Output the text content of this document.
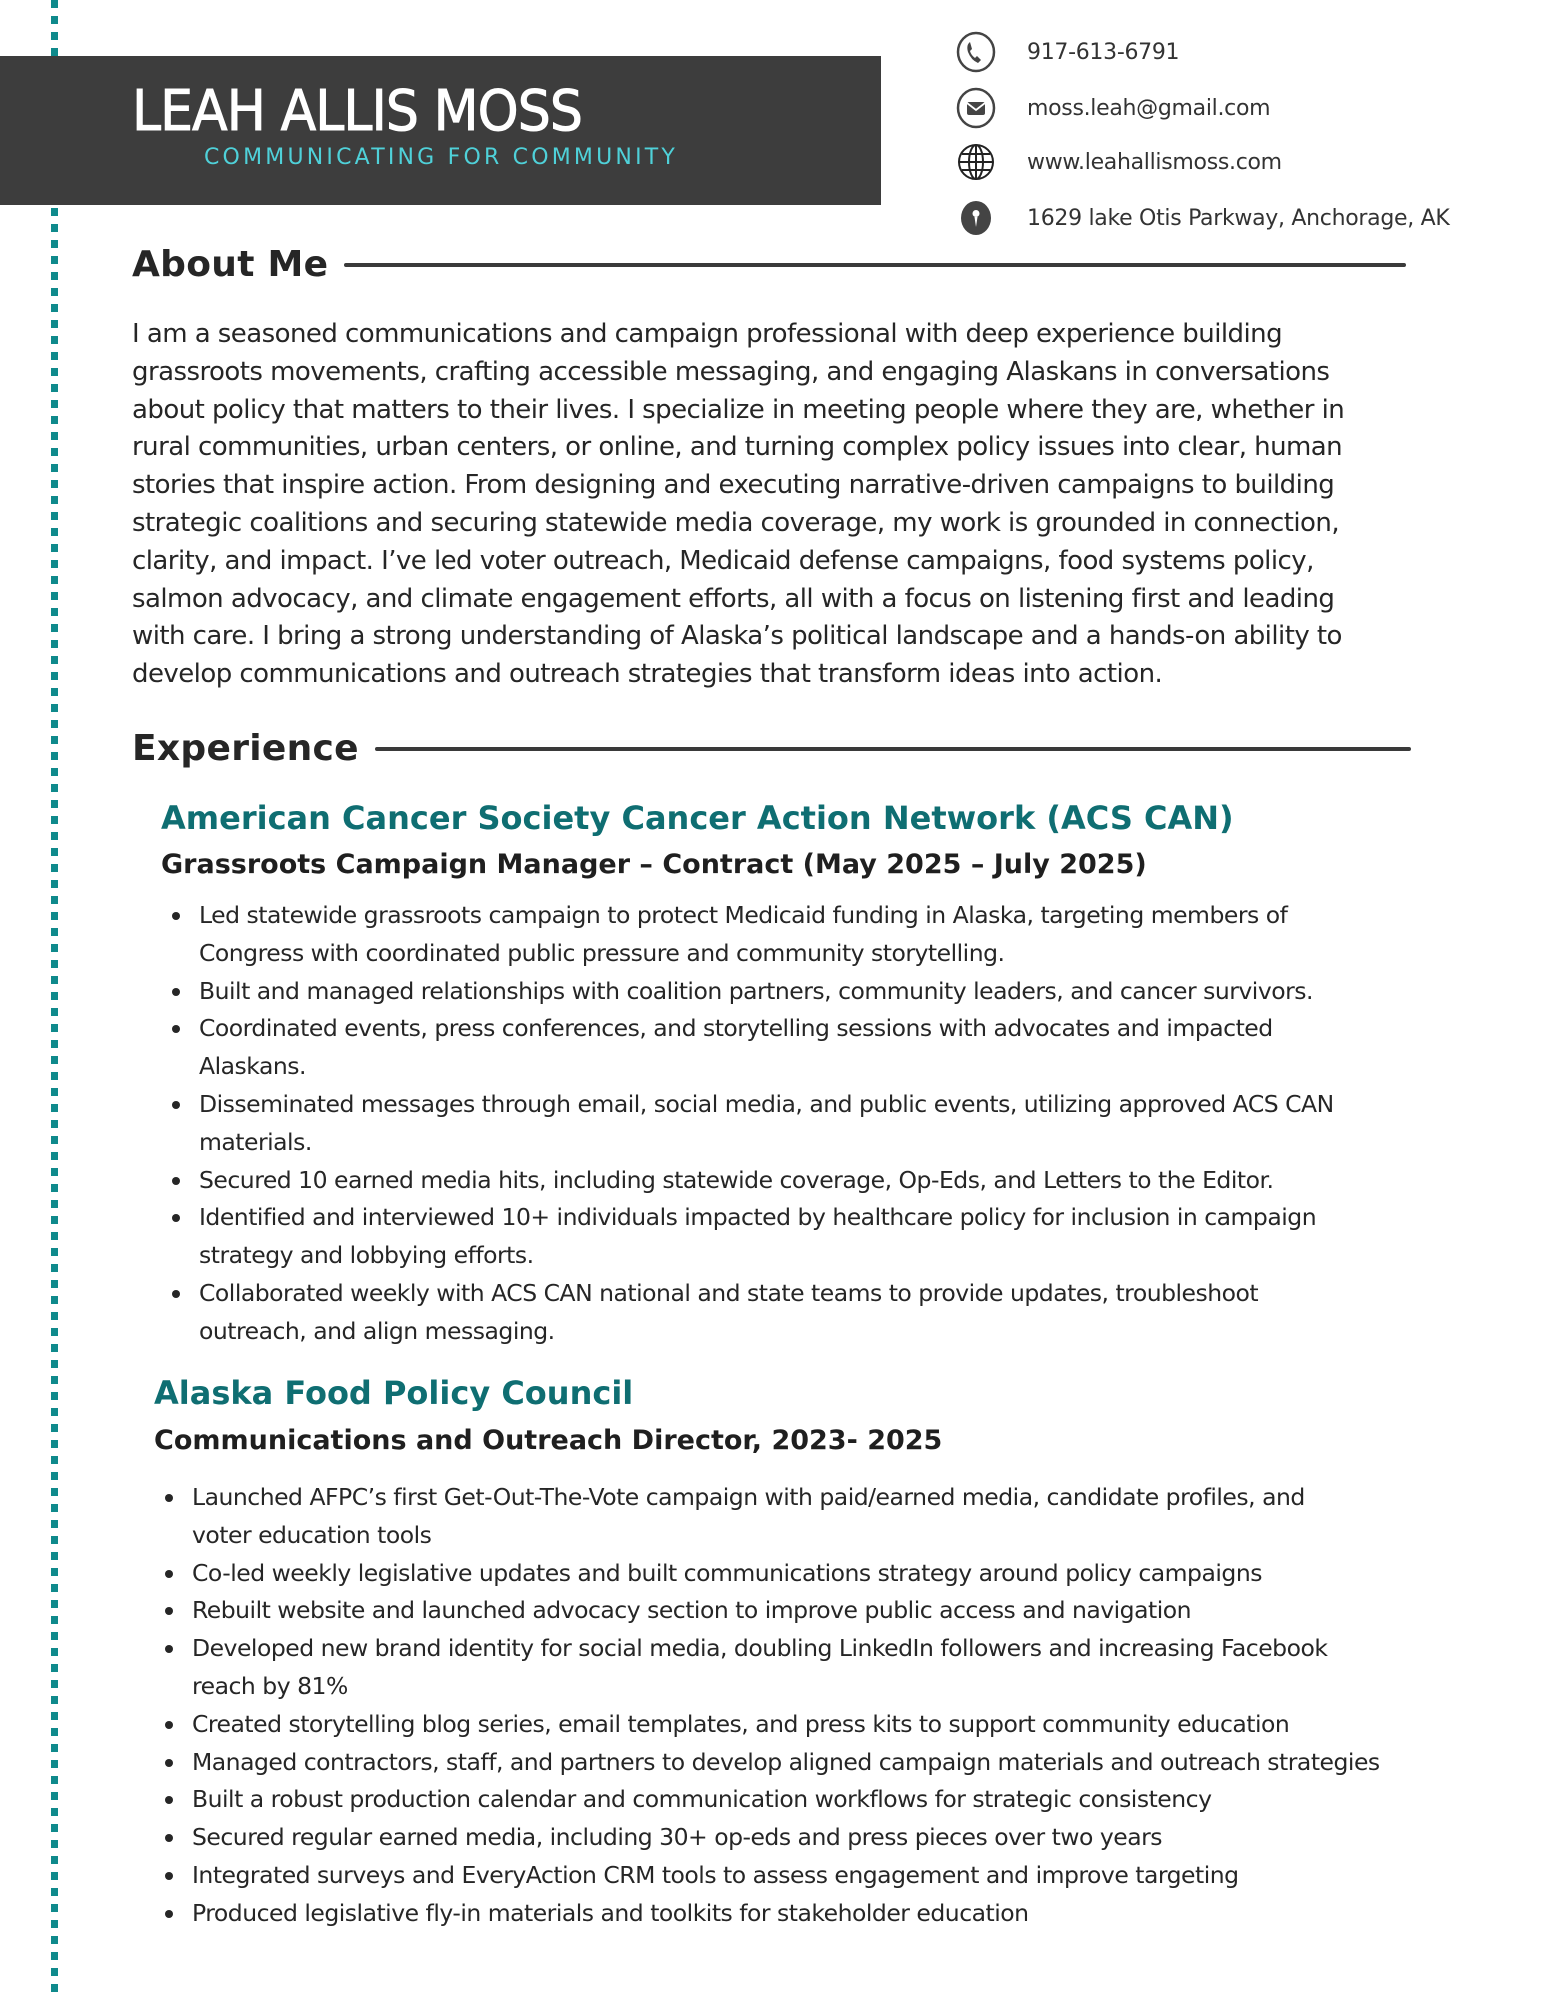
LEAH ALLIS MOSS
COMMUNICATING FOR COMMUNITY
917-613-6791
moss.leah@gmail.com
www.leahallismoss.com
1629 lake Otis Parkway, Anchorage, AK
About Me

I am a seasoned communications and campaign professional with deep experience building
grassroots movements, crafting accessible messaging, and engaging Alaskans in conversations
about policy that matters to their lives. I specialize in meeting people where they are, whether in
rural communities, urban centers, or online, and turning complex policy issues into clear, human
stories that inspire action. From designing and executing narrative-driven campaigns to building
strategic coalitions and securing statewide media coverage, my work is grounded in connection,
clarity, and impact. I’ve led voter outreach, Medicaid defense campaigns, food systems policy,
salmon advocacy, and climate engagement efforts, all with a focus on listening first and leading
with care. I bring a strong understanding of Alaska’s political landscape and a hands-on ability to
develop communications and outreach strategies that transform ideas into action.

Experience
American Cancer Society Cancer Action Network (ACS CAN)
Grassroots Campaign Manager – Contract (May 2025 – July 2025)
Led statewide grassroots campaign to protect Medicaid funding in Alaska, targeting members of
Congress with coordinated public pressure and community storytelling.
Built and managed relationships with coalition partners, community leaders, and cancer survivors.
Coordinated events, press conferences, and storytelling sessions with advocates and impacted
Alaskans.
Disseminated messages through email, social media, and public events, utilizing approved ACS CAN
materials.
Secured 10 earned media hits, including statewide coverage, Op-Eds, and Letters to the Editor.
Identified and interviewed 10+ individuals impacted by healthcare policy for inclusion in campaign
strategy and lobbying efforts.
Collaborated weekly with ACS CAN national and state teams to provide updates, troubleshoot
outreach, and align messaging.
Alaska Food Policy Council
Communications and Outreach Director, 2023- 2025
Launched AFPC’s first Get-Out-The-Vote campaign with paid/earned media, candidate profiles, and
voter education tools
Co-led weekly legislative updates and built communications strategy around policy campaigns
Rebuilt website and launched advocacy section to improve public access and navigation
Developed new brand identity for social media, doubling LinkedIn followers and increasing Facebook
reach by 81%
Created storytelling blog series, email templates, and press kits to support community education
Managed contractors, staff, and partners to develop aligned campaign materials and outreach strategies
Built a robust production calendar and communication workflows for strategic consistency
Secured regular earned media, including 30+ op-eds and press pieces over two years
Integrated surveys and EveryAction CRM tools to assess engagement and improve targeting
Produced legislative fly-in materials and toolkits for stakeholder education
